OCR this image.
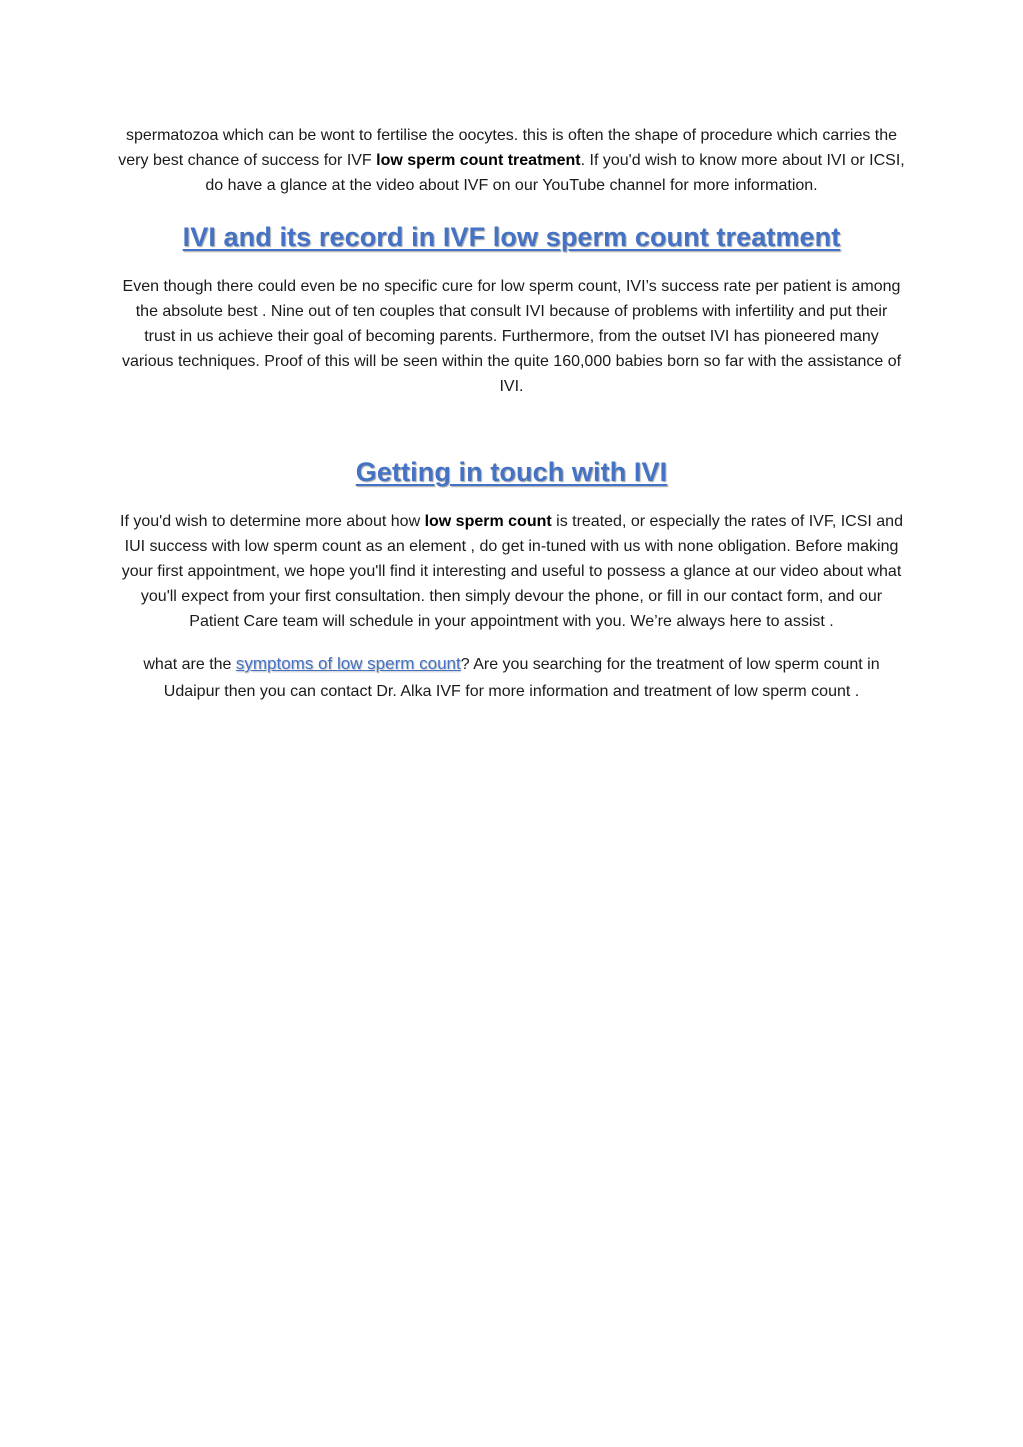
spermatozoa which can be wont to fertilise the oocytes. this is often the shape of procedure which carries the very best chance of success for IVF low sperm count treatment. If you'd wish to know more about IVI or ICSI, do have a glance at the video about IVF on our YouTube channel for more information.

IVI and its record in IVF low sperm count treatment

Even though there could even be no specific cure for low sperm count, IVI’s success rate per patient is among the absolute best . Nine out of ten couples that consult IVI because of problems with infertility and put their trust in us achieve their goal of becoming parents. Furthermore, from the outset IVI has pioneered many various techniques. Proof of this will be seen within the quite 160,000 babies born so far with the assistance of IVI.

Getting in touch with IVI

If you'd wish to determine more about how low sperm count is treated, or especially the rates of IVF, ICSI and IUI success with low sperm count as an element , do get in-tuned with us with none obligation. Before making your first appointment, we hope you'll find it interesting and useful to possess a glance at our video about what you'll expect from your first consultation. then simply devour the phone, or fill in our contact form, and our Patient Care team will schedule in your appointment with you. We’re always here to assist .

what are the symptoms of low sperm count? Are you searching for the treatment of low sperm count in Udaipur then you can contact Dr. Alka IVF for more information and treatment of low sperm count .
